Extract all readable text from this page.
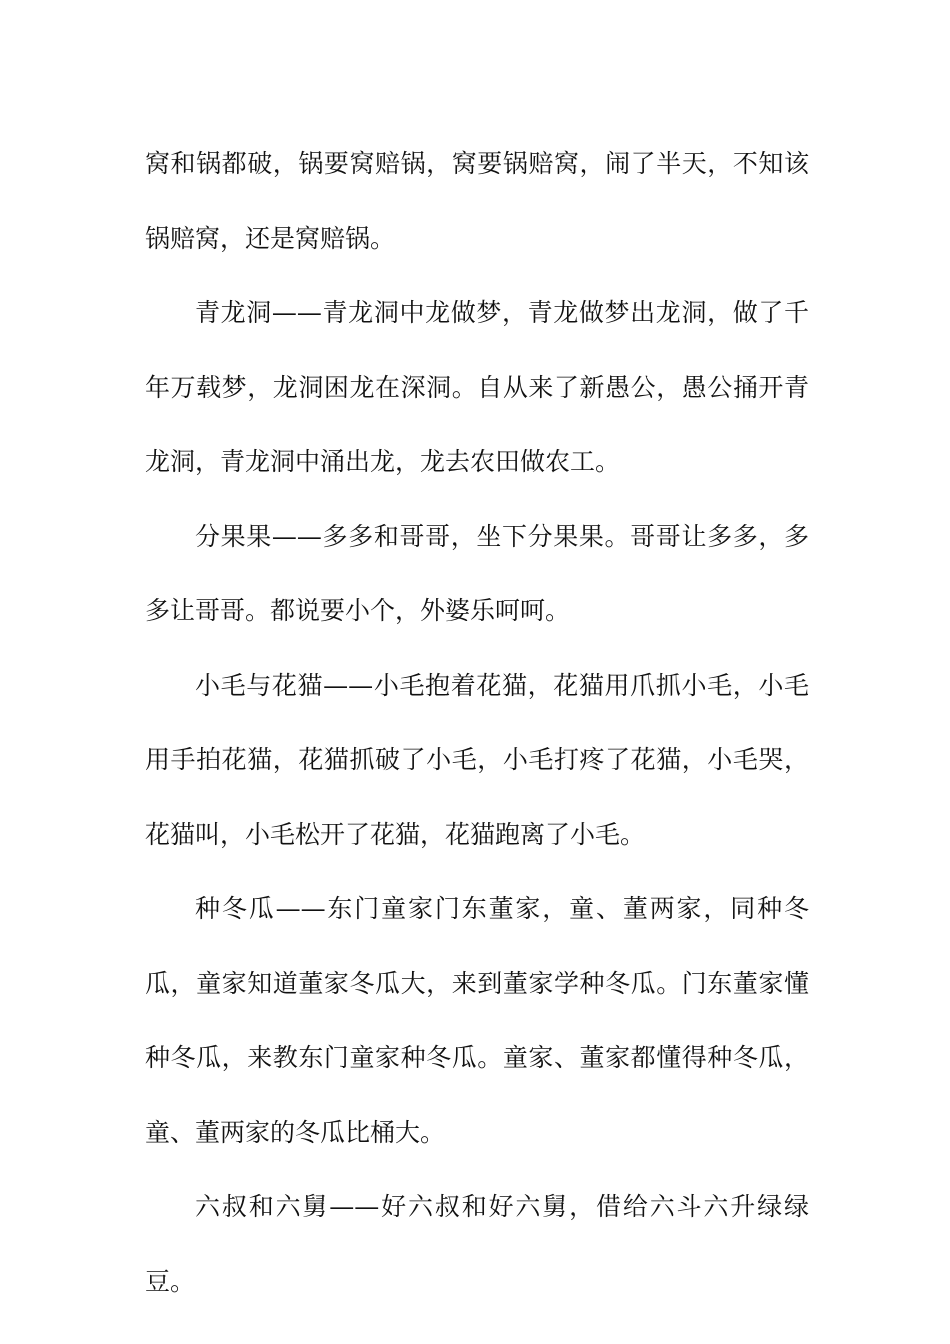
窝和锅都破，锅要窝赔锅，窝要锅赔窝，闹了半天，不知该锅赔窝，还是窝赔锅。

青龙洞——青龙洞中龙做梦，青龙做梦出龙洞，做了千年万载梦，龙洞困龙在深洞。自从来了新愚公，愚公捅开青龙洞，青龙洞中涌出龙，龙去农田做农工。

分果果——多多和哥哥，坐下分果果。哥哥让多多，多多让哥哥。都说要小个，外婆乐呵呵。

小毛与花猫——小毛抱着花猫，花猫用爪抓小毛，小毛用手拍花猫，花猫抓破了小毛，小毛打疼了花猫，小毛哭，花猫叫，小毛松开了花猫，花猫跑离了小毛。

种冬瓜——东门童家门东董家，童、董两家，同种冬瓜，童家知道董家冬瓜大，来到董家学种冬瓜。门东董家懂种冬瓜，来教东门童家种冬瓜。童家、董家都懂得种冬瓜，童、董两家的冬瓜比桶大。

六叔和六舅——好六叔和好六舅，借给六斗六升绿绿豆。
